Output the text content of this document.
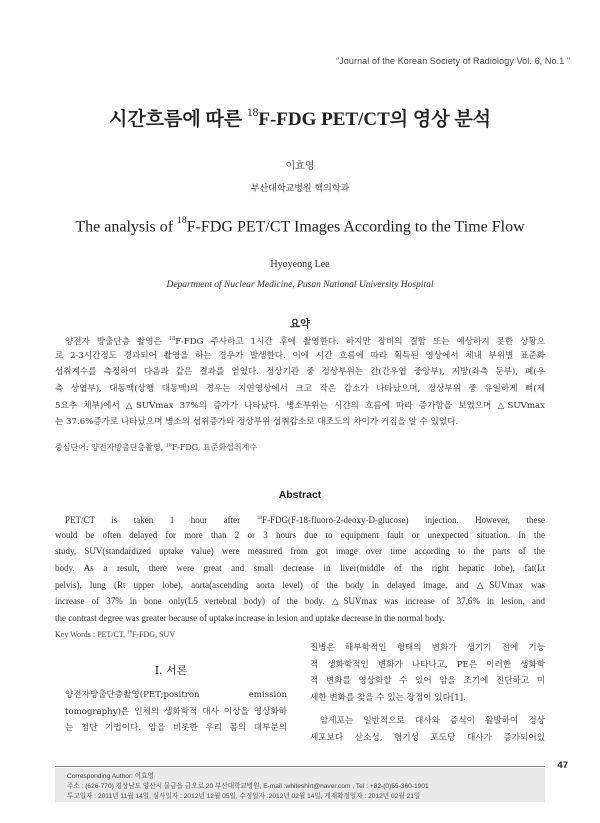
“Journal of the Korean Society of Radiology Vol. 6, No.1 ”
시간흐름에 따른 $^{18}$F-FDG PET/CT의 영상 분석
이효영
부산대학교병원 핵의학과
The analysis of $^{18}$F-FDG PET/CT Images According to the Time Flow
Hyoyeong Lee
Department of Nuclear Medicine, Pusan National University Hospital
요약
양전자 방출단층 촬영은 $^{18}$F-FDG 주사하고 1시간 후에 촬영한다. 하지만 장비의 결함 또는 예상하지 못한 상황으
로 2-3시간정도 경과되어 촬영을 하는 경우가 발생한다. 이에 시간 흐름에 따라 획득된 영상에서 체내 부위별 표준화
섭취계수를 측정하여 다음과 같은 결과를 얻었다. 정상기관 중 정상부위는 간(간우엽 중앙부), 지방(좌측 둔부), 폐(우
측 상엽부), 대동맥(상행 대동맥)의 경우는 지연영상에서 크고 작은 감소가 나타났으며, 정상부위 중 유일하게 뼈(제
5요추 체부)에서 △SUVmax 37%의 증가가 나타났다. 병소부위는 시간의 흐름에 따라 증가함을 보였으며 △SUVmax
는 37.6%증가로 나타났으며 병소의 섭취증가와 정상부위 섭취감소로 대조도의 차이가 커짐을 알 수 있었다.
중심단어: 양전자방출단층촬영, $^{18}$F-FDG, 표준화섭취계수
Abstract
PET/CT is taken 1 hour after $^{18}$F-FDG(F-18-fluoro-2-deoxy-D-glucose) injection. However, these
would be often delayed for more than 2 or 3 hours due to equipment fault or unexpected situation. In the
study, SUV(standardized uptake value) were measured from got image over time according to the parts of the
body. As a result, there were great and small decrease in liver(middle of the right hepatic lobe), fat(Lt
pelvis), lung (Rt upper lobe), aorta(ascending aorta level) of the body in delayed image, and △SUVmax was
increase of 37% in bone only(L5 vertebral body) of the body. △SUVmax was increase of 37.6% in lesion, and
the contrast degree was greater because of uptake increase in lesion and uptake decrease in the normal body.
Key Words : PET/CT, $^{18}$F-FDG, SUV
Ⅰ. 서론
양전자방출단층촬영(PET;positron          emission
tomography)은 인체의 생화학적 대사 이상을 영상화하
는 첨단 기법이다. 암을 비롯한 우리 몸의 대부분의
질병은 해부학적인 형태의 변화가 생기기 전에 기능
적 생화학적인 변화가 나타나고, PE은 이러한 생화학
적 변화를 영상화할 수 있어 암을 조기에 진단하고 미
세한 변화를 찾을 수 있는 장점이 있다[1].
암세포는 일반적으로 대사와 증식이 활발하여 정상
세포보다 산소성, 혐기성 포도당 대사가 증가되어있
Corresponding Author: 이효영
주소 : (626-770) 경상남도 양산시 물금읍 금오로 20 부산대학교병원, E-mail :whiteshirt@naver.com , Tel : +82-(0)55-360-1901
투고일자 : 2011년 11월 14일, 심사일자 : 2012년 12월 05일, 수정일자 :2012년 02월 14일, 게재확정일자 : 2012년 02월 21일
47
